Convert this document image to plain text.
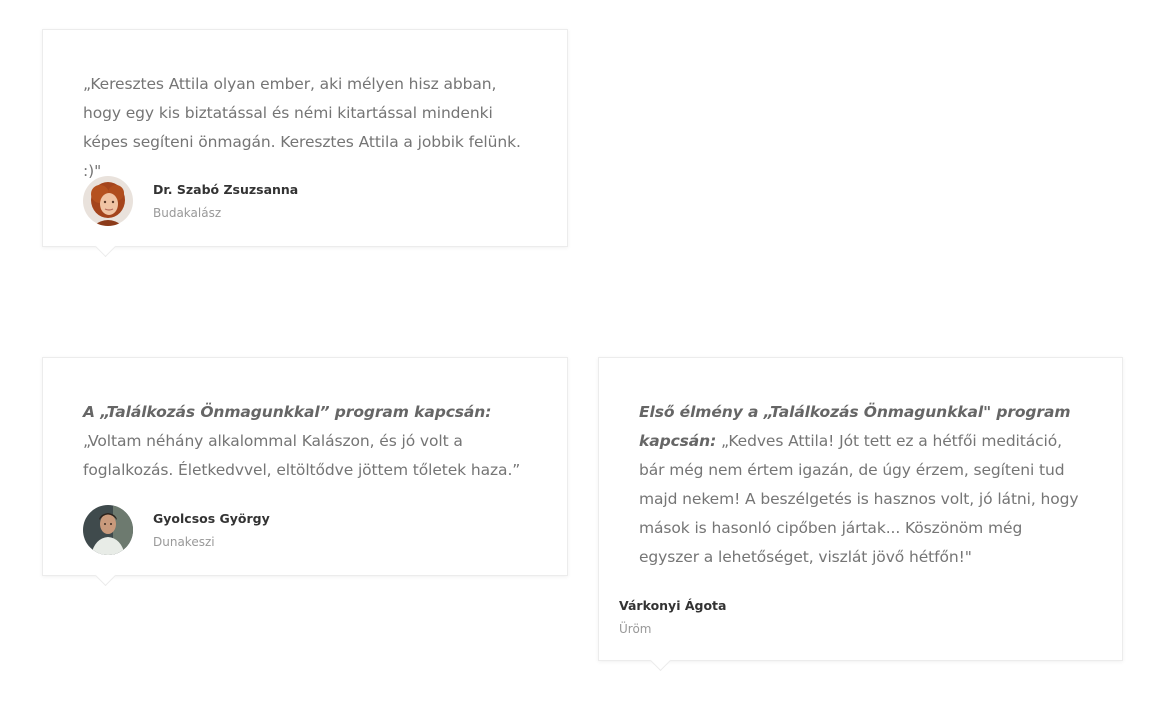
„Keresztes Attila olyan ember, aki mélyen hisz abban, hogy egy kis biztatással és némi kitartással mindenki képes segíteni önmagán. Keresztes Attila a jobbik felünk. :)"

Dr. Szabó Zsuzsanna
Budakalász

A „Találkozás Önmagunkkal” program kapcsán: „Voltam néhány alkalommal Kalászon, és jó volt a foglalkozás. Életkedvvel, eltöltődve jöttem tőletek haza.”

Gyolcsos György
Dunakeszi

Első élmény a „Találkozás Önmagunkkal" program kapcsán: „Kedves Attila! Jót tett ez a hétfői meditáció, bár még nem értem igazán, de úgy érzem, segíteni tud majd nekem! A beszélgetés is hasznos volt, jó látni, hogy mások is hasonló cipőben jártak... Köszönöm még egyszer a lehetőséget, viszlát jövő hétfőn!"

Várkonyi Ágota
Üröm
